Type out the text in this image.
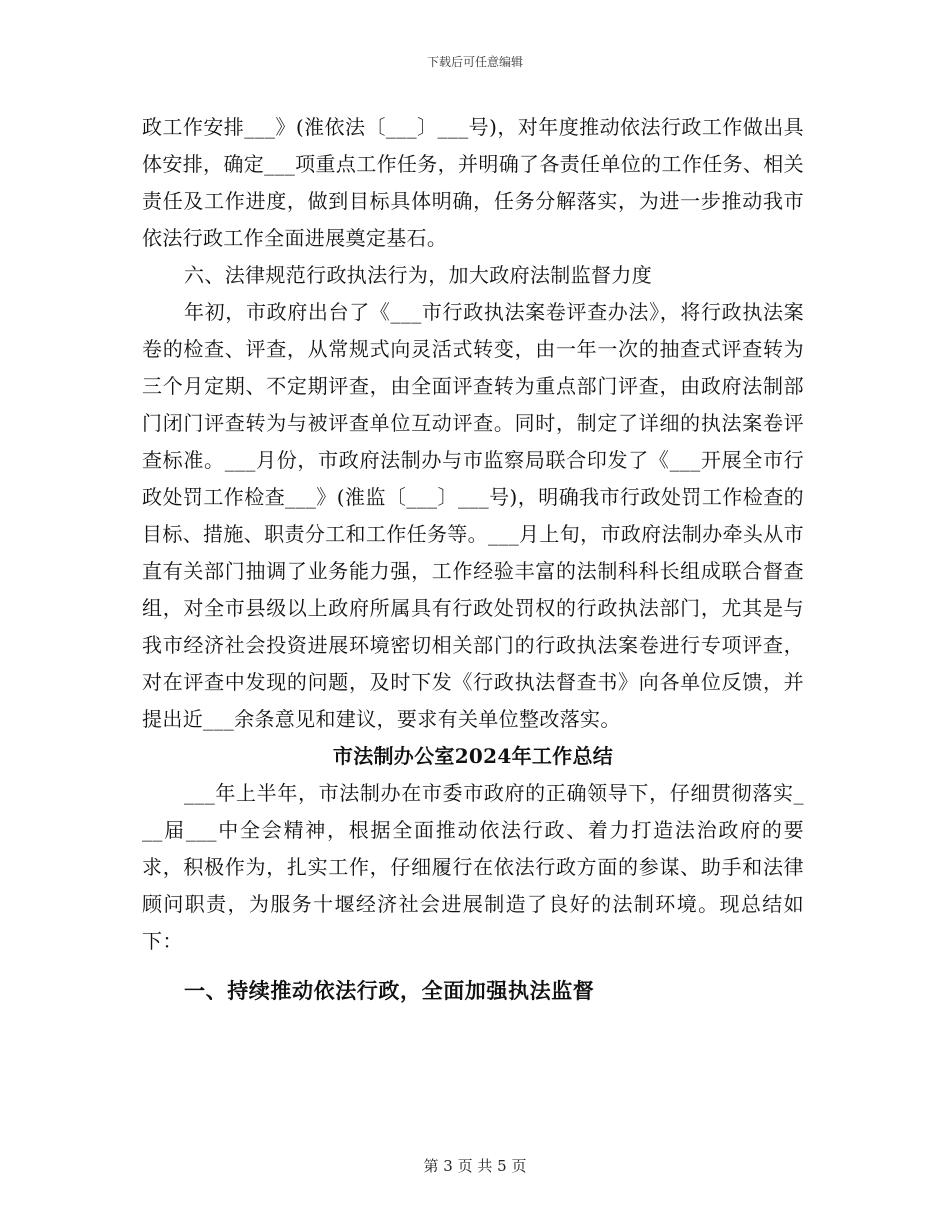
下载后可任意编辑

政工作安排___》(淮依法〔___〕___号)，对年度推动依法行政工作做出具体安排，确定___项重点工作任务，并明确了各责任单位的工作任务、相关责任及工作进度，做到目标具体明确，任务分解落实，为进一步推动我市依法行政工作全面进展奠定基石。

六、法律规范行政执法行为，加大政府法制监督力度

年初，市政府出台了《___市行政执法案卷评查办法》，将行政执法案卷的检查、评查，从常规式向灵活式转变，由一年一次的抽查式评查转为三个月定期、不定期评查，由全面评查转为重点部门评查，由政府法制部门闭门评查转为与被评查单位互动评查。同时，制定了详细的执法案卷评查标准。___月份，市政府法制办与市监察局联合印发了《___开展全市行政处罚工作检查___》(淮监〔___〕___号)，明确我市行政处罚工作检查的目标、措施、职责分工和工作任务等。___月上旬，市政府法制办牵头从市直有关部门抽调了业务能力强，工作经验丰富的法制科科长组成联合督查组，对全市县级以上政府所属具有行政处罚权的行政执法部门，尤其是与我市经济社会投资进展环境密切相关部门的行政执法案卷进行专项评查，对在评查中发现的问题，及时下发《行政执法督查书》向各单位反馈，并提出近___余条意见和建议，要求有关单位整改落实。

市法制办公室2024年工作总结

___年上半年，市法制办在市委市政府的正确领导下，仔细贯彻落实___届___中全会精神，根据全面推动依法行政、着力打造法治政府的要求，积极作为，扎实工作，仔细履行在依法行政方面的参谋、助手和法律顾问职责，为服务十堰经济社会进展制造了良好的法制环境。现总结如下：

一、持续推动依法行政，全面加强执法监督

第 3 页 共 5 页
